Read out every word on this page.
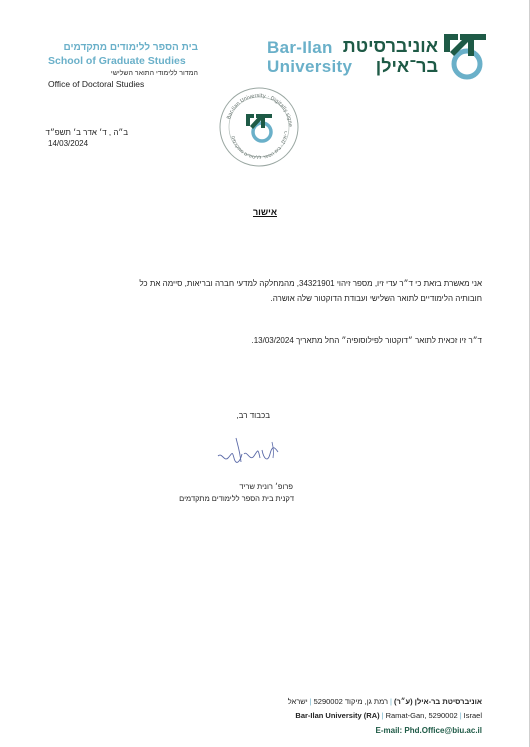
בית הספר ללימודים מתקדמים
School of Graduate Studies
המדור ללימודי התואר השלישי
Office of Doctoral Studies
Bar-Ilan
University
אוניברסיטת
בר־אילן
Bar-Ilan University · Digitally signe
ר-אילן · בית הספר ללימודים מתקדמים
ב״ה , ד׳ אדר ב׳ תשפ״ד
14/03/2024
אישור
אני מאשרת בזאת כי ד״ר עדי זיו, מספר זיהוי 34321901, מהמחלקה למדעי חברה ובריאות, סיימה את כל
חובותיה הלימודיים לתואר השלישי ועבודת הדוקטור שלה אושרה.
ד״ר זיו זכאית לתואר ״דוקטור לפילוסופיה״ החל מתאריך 13/03/2024.
בכבוד רב,
פרופ׳ רונית שריד
דקנית בית הספר ללימודים מתקדמים
אוניברסיטת בר-אילן (ע״ר)|רמת גן, מיקוד 5290002|ישראל
Bar-Ilan University (RA) | Ramat-Gan, 5290002 | Israel
E-mail: Phd.Office@biu.ac.il
